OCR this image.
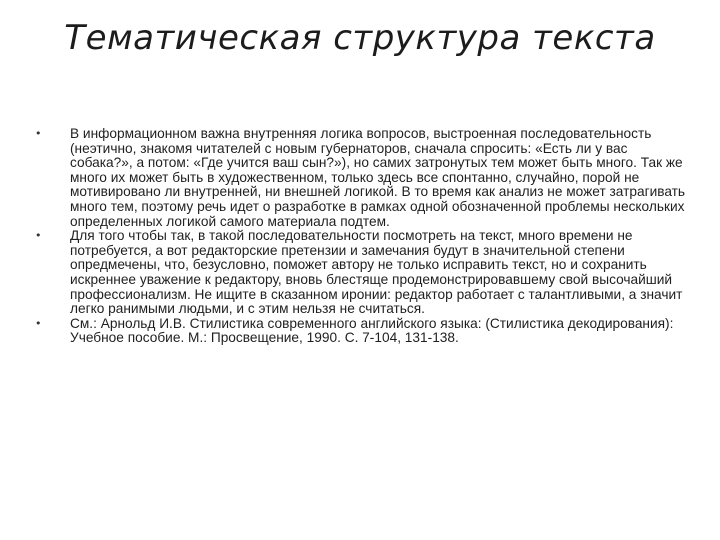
Тематическая структура текста
• В информационном важна внутренняя логика вопросов, выстроенная последовательность (неэтично, знакомя читателей с новым губернаторов, сначала спросить: «Есть ли у вас собака?», а потом: «Где учится ваш сын?»), но самих затронутых тем может быть много. Так же много их может быть в художественном, только здесь все спонтанно, случайно, порой не мотивировано ли внутренней, ни внешней логикой. В то время как анализ не может затрагивать много тем, поэтому речь идет о разработке в рамках одной обозначенной проблемы нескольких определенных логикой самого материала подтем.
• Для того чтобы так, в такой последовательности посмотреть на текст, много времени не потребуется, а вот редакторские претензии и замечания будут в значительной степени опредмечены, что, безусловно, поможет автору не только исправить текст, но и сохранить искреннее уважение к редактору, вновь блестяще продемонстрировавшему свой высочайший профессионализм. Не ищите в сказанном иронии: редактор работает с талантливыми, а значит легко ранимыми людьми, и с этим нельзя не считаться.
• См.: Арнольд И.В. Стилистика современного английского языка: (Стилистика декодирования): Учебное пособие. М.: Просвещение, 1990. С. 7-104, 131-138.
